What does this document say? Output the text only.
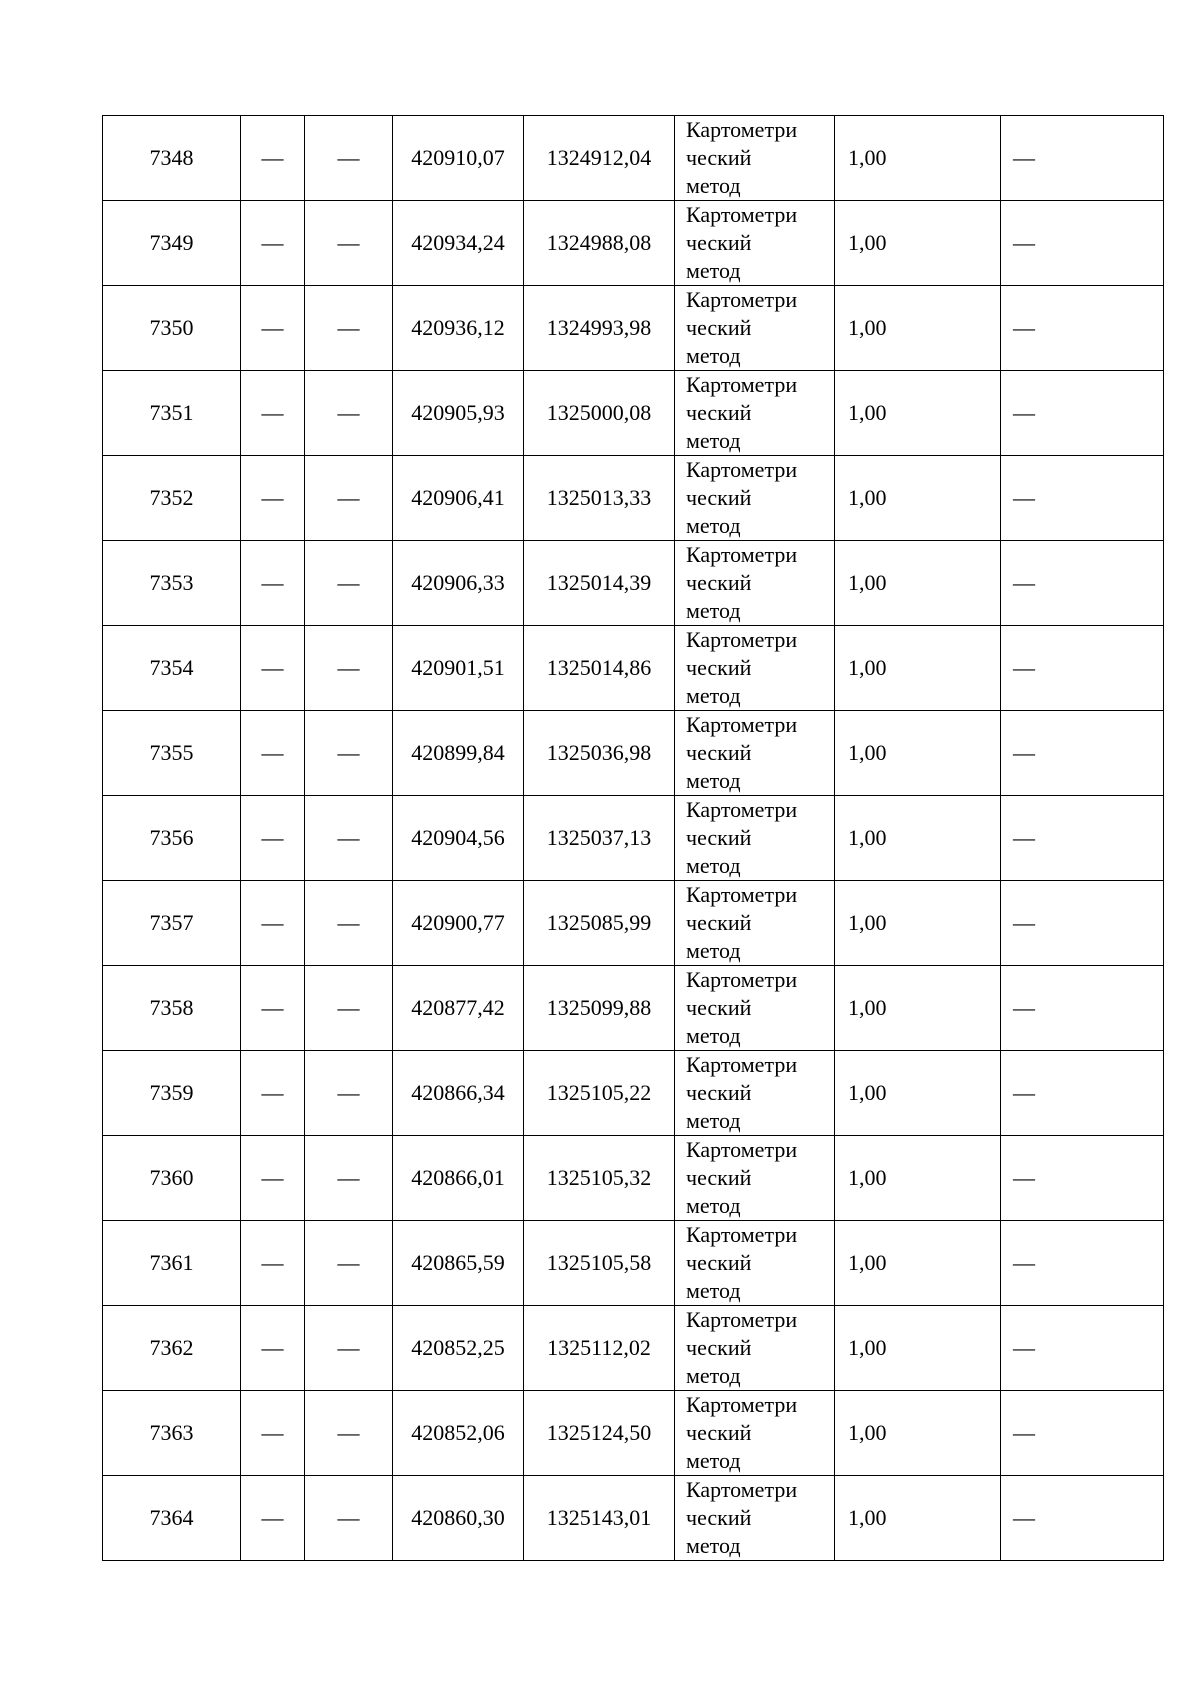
7348	—	—	420910,07	1324912,04	Картометри
ческий
метод	1,00	—
7349	—	—	420934,24	1324988,08	Картометри
ческий
метод	1,00	—
7350	—	—	420936,12	1324993,98	Картометри
ческий
метод	1,00	—
7351	—	—	420905,93	1325000,08	Картометри
ческий
метод	1,00	—
7352	—	—	420906,41	1325013,33	Картометри
ческий
метод	1,00	—
7353	—	—	420906,33	1325014,39	Картометри
ческий
метод	1,00	—
7354	—	—	420901,51	1325014,86	Картометри
ческий
метод	1,00	—
7355	—	—	420899,84	1325036,98	Картометри
ческий
метод	1,00	—
7356	—	—	420904,56	1325037,13	Картометри
ческий
метод	1,00	—
7357	—	—	420900,77	1325085,99	Картометри
ческий
метод	1,00	—
7358	—	—	420877,42	1325099,88	Картометри
ческий
метод	1,00	—
7359	—	—	420866,34	1325105,22	Картометри
ческий
метод	1,00	—
7360	—	—	420866,01	1325105,32	Картометри
ческий
метод	1,00	—
7361	—	—	420865,59	1325105,58	Картометри
ческий
метод	1,00	—
7362	—	—	420852,25	1325112,02	Картометри
ческий
метод	1,00	—
7363	—	—	420852,06	1325124,50	Картометри
ческий
метод	1,00	—
7364	—	—	420860,30	1325143,01	Картометри
ческий
метод	1,00	—
